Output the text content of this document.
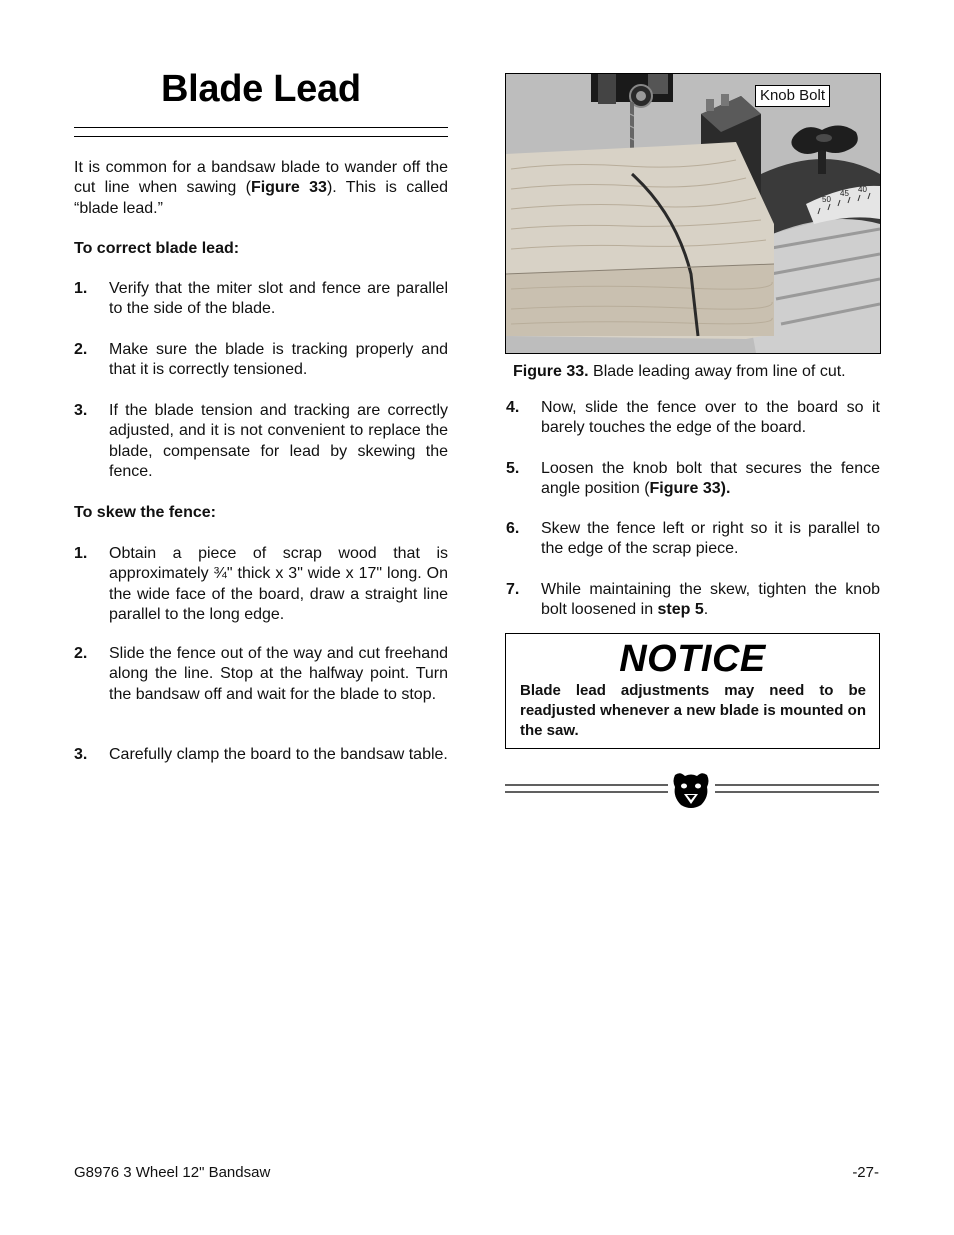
Blade Lead
It is common for a bandsaw blade to wander off the cut line when sawing (Figure 33). This is called “blade lead.”
To correct blade lead:
1. Verify that the miter slot and fence are parallel to the side of the blade.
2. Make sure the blade is tracking properly and that it is correctly tensioned.
3. If the blade tension and tracking are correctly adjusted, and it is not convenient to replace the blade, compensate for lead by skewing the fence.
To skew the fence:
1. Obtain a piece of scrap wood that is approximately ¾" thick x 3" wide x 17" long. On the wide face of the board, draw a straight line parallel to the long edge.
2. Slide the fence out of the way and cut freehand along the line. Stop at the halfway point. Turn the bandsaw off and wait for the blade to stop.
3. Carefully clamp the board to the bandsaw table.
50
45 40
Knob Bolt
Figure 33. Blade leading away from line of cut.
4. Now, slide the fence over to the board so it barely touches the edge of the board.
5. Loosen the knob bolt that secures the fence angle position (Figure 33).
6. Skew the fence left or right so it is parallel to the edge of the scrap piece.
7. While maintaining the skew, tighten the knob bolt loosened in step 5.
NOTICE
Blade lead adjustments may need to be readjusted whenever a new blade is mounted on the saw.
G8976 3 Wheel 12" Bandsaw	-27-
